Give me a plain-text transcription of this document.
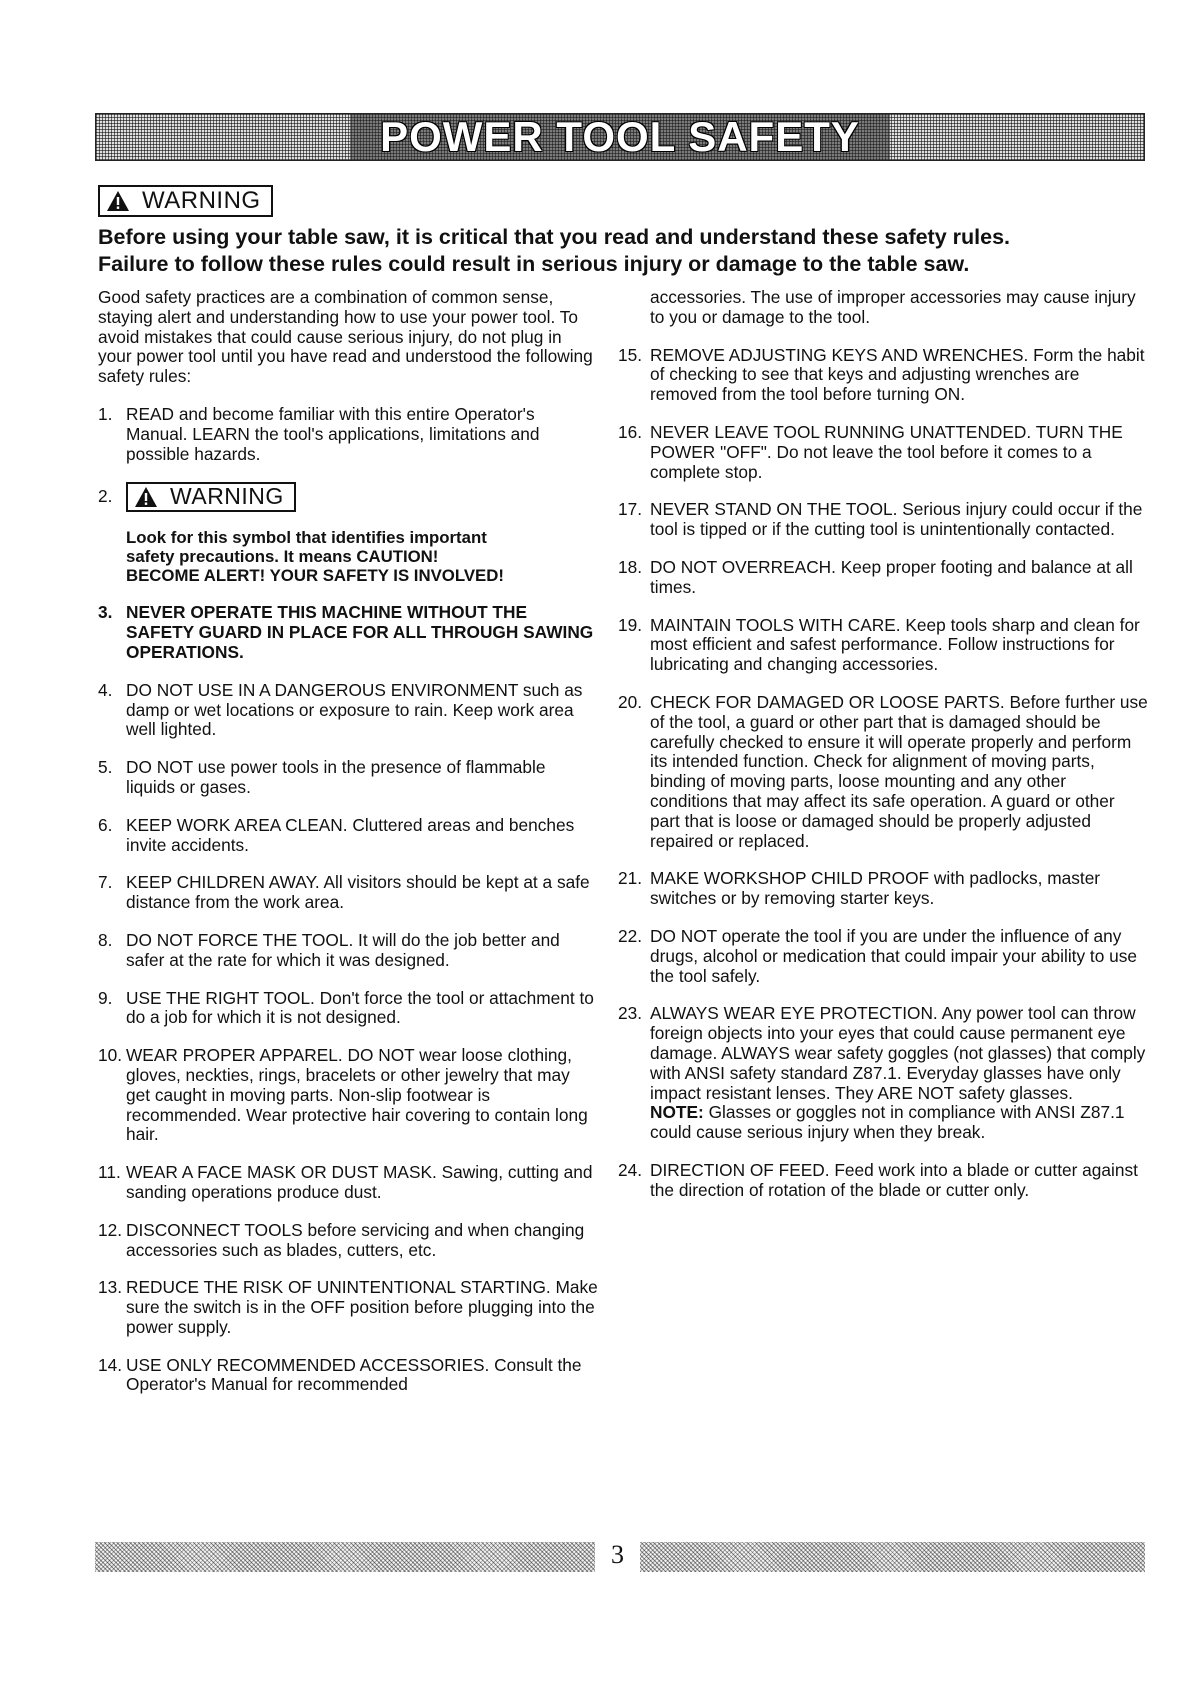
POWER TOOL SAFETY
WARNING

Before using your table saw, it is critical that you read and understand these safety rules.
Failure to follow these rules could result in serious injury or damage to the table saw.

Good safety practices are a combination of common sense, staying alert and understanding how to use your power tool. To avoid mistakes that could cause serious injury, do not plug in your power tool until you have read and understood the following safety rules:

1. READ and become familiar with this entire Operator's Manual. LEARN the tool's applications, limitations and possible hazards.
2.	WARNING

Look for this symbol that identifies important
safety precautions. It means CAUTION!
BECOME ALERT! YOUR SAFETY IS INVOLVED!

3. NEVER OPERATE THIS MACHINE WITHOUT THE SAFETY GUARD IN PLACE FOR ALL THROUGH SAWING OPERATIONS.
4. DO NOT USE IN A DANGEROUS ENVIRONMENT such as damp or wet locations or exposure to rain. Keep work area well lighted.
5. DO NOT use power tools in the presence of flammable liquids or gases.
6. KEEP WORK AREA CLEAN. Cluttered areas and benches invite accidents.
7. KEEP CHILDREN AWAY. All visitors should be kept at a safe distance from the work area.
8. DO NOT FORCE THE TOOL. It will do the job better and safer at the rate for which it was designed.
9. USE THE RIGHT TOOL. Don't force the tool or attachment to do a job for which it is not designed.
10. WEAR PROPER APPAREL. DO NOT wear loose clothing, gloves, neckties, rings, bracelets or other jewelry that may get caught in moving parts. Non-slip footwear is recommended. Wear protective hair covering to contain long hair.
11. WEAR A FACE MASK OR DUST MASK. Sawing, cutting and sanding operations produce dust.
12. DISCONNECT TOOLS before servicing and when changing accessories such as blades, cutters, etc.
13. REDUCE THE RISK OF UNINTENTIONAL STARTING. Make sure the switch is in the OFF position before plugging into the power supply.
14. USE ONLY RECOMMENDED ACCESSORIES. Consult the Operator's Manual for recommended

accessories. The use of improper accessories may cause injury to you or damage to the tool.

15. REMOVE ADJUSTING KEYS AND WRENCHES. Form the habit of checking to see that keys and adjusting wrenches are removed from the tool before turning ON.
16. NEVER LEAVE TOOL RUNNING UNATTENDED. TURN THE POWER "OFF". Do not leave the tool before it comes to a complete stop.
17. NEVER STAND ON THE TOOL. Serious injury could occur if the tool is tipped or if the cutting tool is unintentionally contacted.
18. DO NOT OVERREACH. Keep proper footing and balance at all times.
19. MAINTAIN TOOLS WITH CARE. Keep tools sharp and clean for most efficient and safest performance. Follow instructions for lubricating and changing accessories.
20. CHECK FOR DAMAGED OR LOOSE PARTS. Before further use of the tool, a guard or other part that is damaged should be carefully checked to ensure it will operate properly and perform its intended function. Check for alignment of moving parts, binding of moving parts, loose mounting and any other conditions that may affect its safe operation. A guard or other part that is loose or damaged should be properly adjusted repaired or replaced.
21. MAKE WORKSHOP CHILD PROOF with padlocks, master switches or by removing starter keys.
22. DO NOT operate the tool if you are under the influence of any drugs, alcohol or medication that could impair your ability to use the tool safely.
23. ALWAYS WEAR EYE PROTECTION. Any power tool can throw foreign objects into your eyes that could cause permanent eye damage. ALWAYS wear safety goggles (not glasses) that comply with ANSI safety standard Z87.1. Everyday glasses have only impact resistant lenses. They ARE NOT safety glasses.
NOTE: Glasses or goggles not in compliance with ANSI Z87.1 could cause serious injury when they break.
24. DIRECTION OF FEED. Feed work into a blade or cutter against the direction of rotation of the blade or cutter only.
3
